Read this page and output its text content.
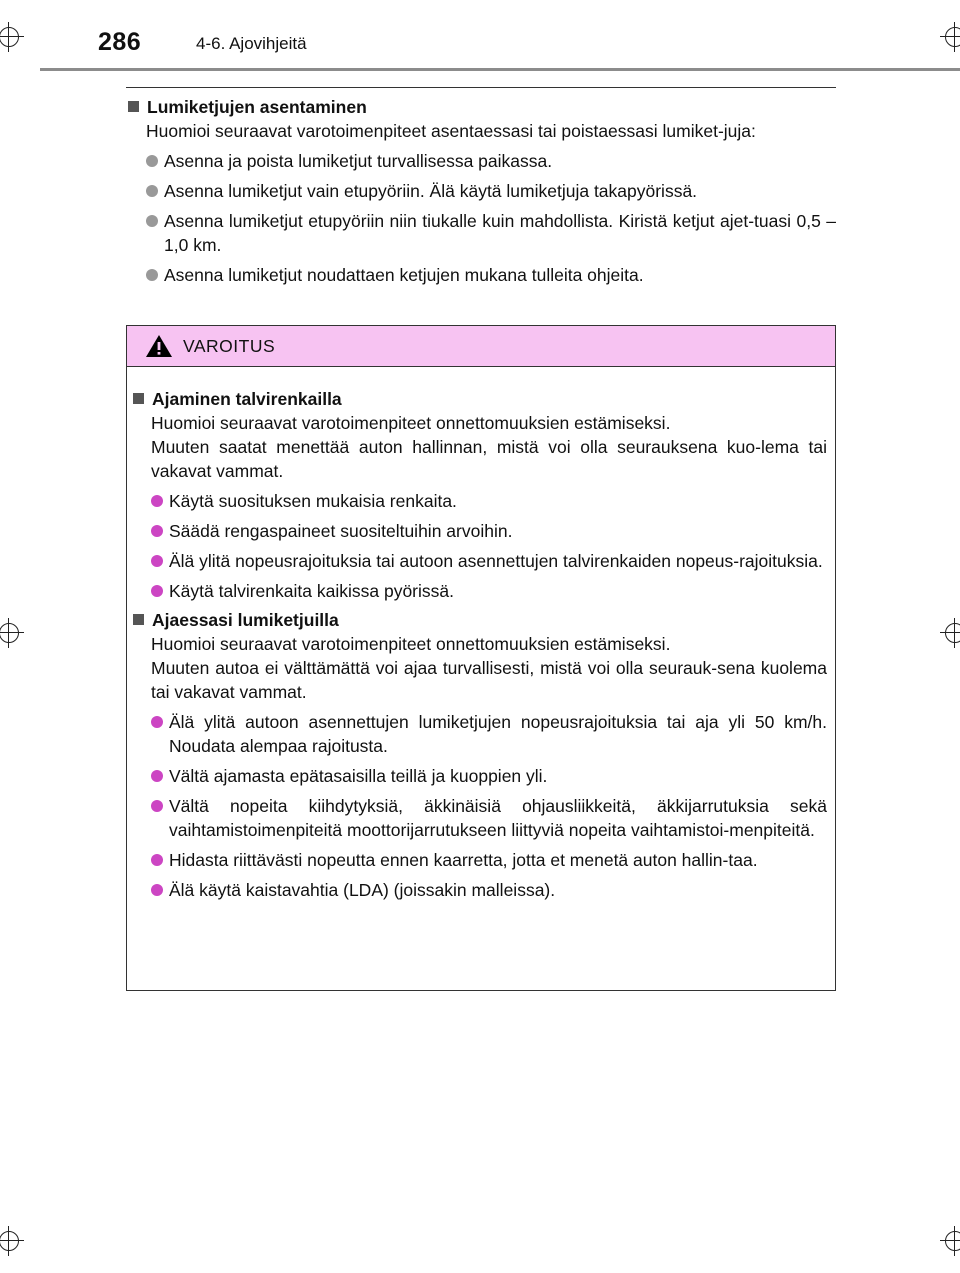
286	4-6. Ajovihjeitä
Lumiketjujen asentaminen
Huomioi seuraavat varotoimenpiteet asentaessasi tai poistaessasi lumiket-juja:
Asenna ja poista lumiketjut turvallisessa paikassa.
Asenna lumiketjut vain etupyöriin. Älä käytä lumiketjuja takapyörissä.
Asenna lumiketjut etupyöriin niin tiukalle kuin mahdollista. Kiristä ketjut ajet-tuasi 0,5 – 1,0 km.
Asenna lumiketjut noudattaen ketjujen mukana tulleita ohjeita.
VAROITUS
Ajaminen talvirenkailla
Huomioi seuraavat varotoimenpiteet onnettomuuksien estämiseksi.
Muuten saatat menettää auton hallinnan, mistä voi olla seurauksena kuo-lema tai vakavat vammat.
Käytä suosituksen mukaisia renkaita.
Säädä rengaspaineet suositeltuihin arvoihin.
Älä ylitä nopeusrajoituksia tai autoon asennettujen talvirenkaiden nopeus-rajoituksia.
Käytä talvirenkaita kaikissa pyörissä.
Ajaessasi lumiketjuilla
Huomioi seuraavat varotoimenpiteet onnettomuuksien estämiseksi.
Muuten autoa ei välttämättä voi ajaa turvallisesti, mistä voi olla seurauk-sena kuolema tai vakavat vammat.
Älä ylitä autoon asennettujen lumiketjujen nopeusrajoituksia tai aja yli 50 km/h. Noudata alempaa rajoitusta.
Vältä ajamasta epätasaisilla teillä ja kuoppien yli.
Vältä nopeita kiihdytyksiä, äkkinäisiä ohjausliikkeitä, äkkijarrutuksia sekä vaihtamistoimenpiteitä moottorijarrutukseen liittyviä nopeita vaihtamistoi-menpiteitä.
Hidasta riittävästi nopeutta ennen kaarretta, jotta et menetä auton hallin-taa.
Älä käytä kaistavahtia (LDA) (joissakin malleissa).
